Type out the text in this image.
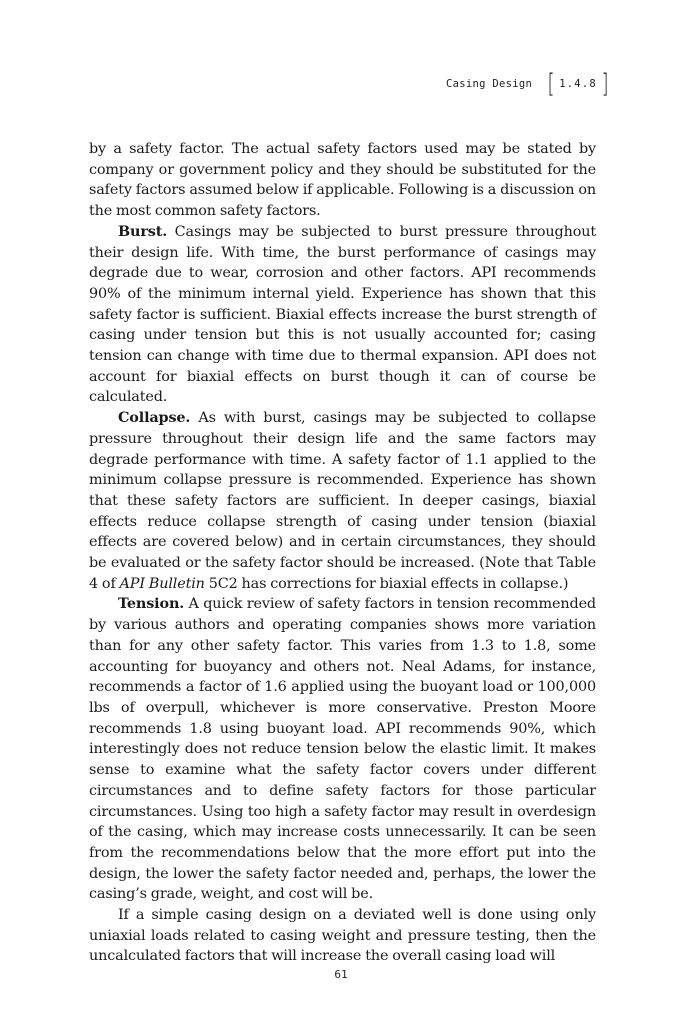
Casing Design [ 1.4.8 ]

by a safety factor. The actual safety factors used may be stated by company or government policy and they should be substituted for the safety factors assumed below if applicable. Following is a discussion on the most common safety factors.

Burst. Casings may be subjected to burst pressure throughout their design life. With time, the burst performance of casings may degrade due to wear, corrosion and other factors. API recommends 90% of the minimum internal yield. Experience has shown that this safety factor is sufficient. Biaxial effects increase the burst strength of casing under tension but this is not usually accounted for; casing tension can change with time due to thermal expansion. API does not account for biaxial effects on burst though it can of course be calculated.

Collapse. As with burst, casings may be subjected to collapse pressure throughout their design life and the same factors may degrade performance with time. A safety factor of 1.1 applied to the minimum collapse pressure is recommended. Experience has shown that these safety factors are sufficient. In deeper casings, biaxial effects reduce collapse strength of casing under tension (biaxial effects are covered below) and in certain circumstances, they should be evaluated or the safety factor should be increased. (Note that Table 4 of API Bulletin 5C2 has corrections for biaxial effects in collapse.)

Tension. A quick review of safety factors in tension recommended by various authors and operating companies shows more variation than for any other safety factor. This varies from 1.3 to 1.8, some accounting for buoyancy and others not. Neal Adams, for instance, recommends a factor of 1.6 applied using the buoyant load or 100,000 lbs of overpull, whichever is more conservative. Preston Moore recommends 1.8 using buoyant load. API recommends 90%, which interestingly does not reduce tension below the elastic limit. It makes sense to examine what the safety factor covers under different circumstances and to define safety factors for those particular circumstances. Using too high a safety factor may result in overdesign of the casing, which may increase costs unnecessarily. It can be seen from the recommendations below that the more effort put into the design, the lower the safety factor needed and, perhaps, the lower the casing’s grade, weight, and cost will be.

If a simple casing design on a deviated well is done using only uniaxial loads related to casing weight and pressure testing, then the uncalculated factors that will increase the overall casing load will

61
